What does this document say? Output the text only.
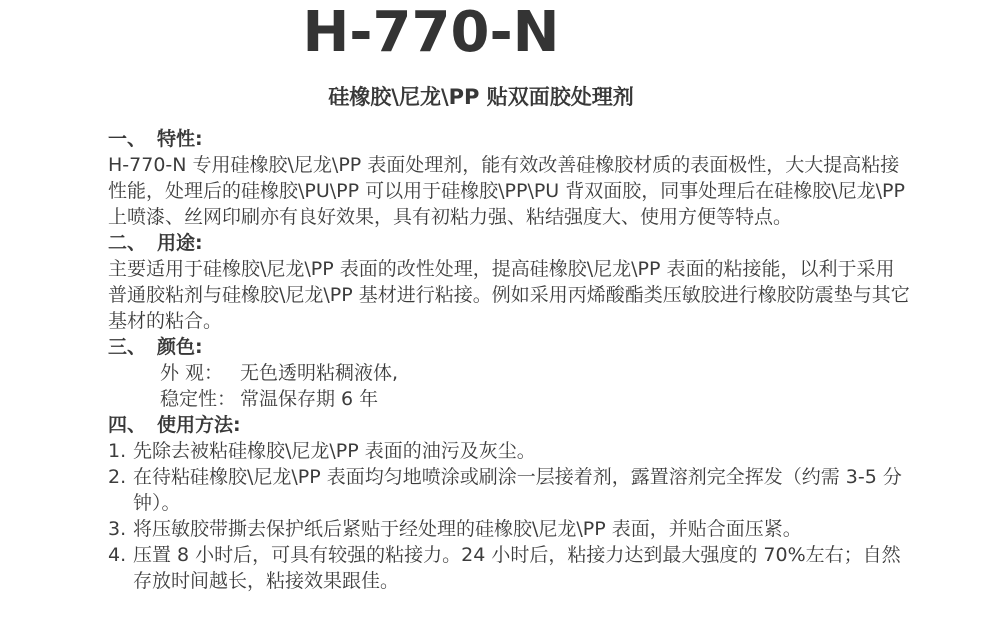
H-770-N
硅橡胶\尼龙\PP 贴双面胶处理剂
一、 特性:

H-770-N 专用硅橡胶\尼龙\PP 表面处理剂，能有效改善硅橡胶材质的表面极性，大大提高粘接性能，处理后的硅橡胶\PU\PP 可以用于硅橡胶\PP\PU 背双面胶，同事处理后在硅橡胶\尼龙\PP 上喷漆、丝网印刷亦有良好效果，具有初粘力强、粘结强度大、使用方便等特点。

二、 用途:

主要适用于硅橡胶\尼龙\PP 表面的改性处理，提高硅橡胶\尼龙\PP 表面的粘接能，以利于采用普通胶粘剂与硅橡胶\尼龙\PP 基材进行粘接。例如采用丙烯酸酯类压敏胶进行橡胶防震垫与其它基材的粘合。

三、 颜色:
外 观： 无色透明粘稠液体,
稳定性： 常温保存期 6 年
四、 使用方法:
1. 先除去被粘硅橡胶\尼龙\PP 表面的油污及灰尘。
2. 在待粘硅橡胶\尼龙\PP 表面均匀地喷涂或刷涂一层接着剂，露置溶剂完全挥发（约需 3-5 分钟）。
3. 将压敏胶带撕去保护纸后紧贴于经处理的硅橡胶\尼龙\PP 表面，并贴合面压紧。
4. 压置 8 小时后，可具有较强的粘接力。24 小时后，粘接力达到最大强度的 70%左右；自然存放时间越长，粘接效果跟佳。
